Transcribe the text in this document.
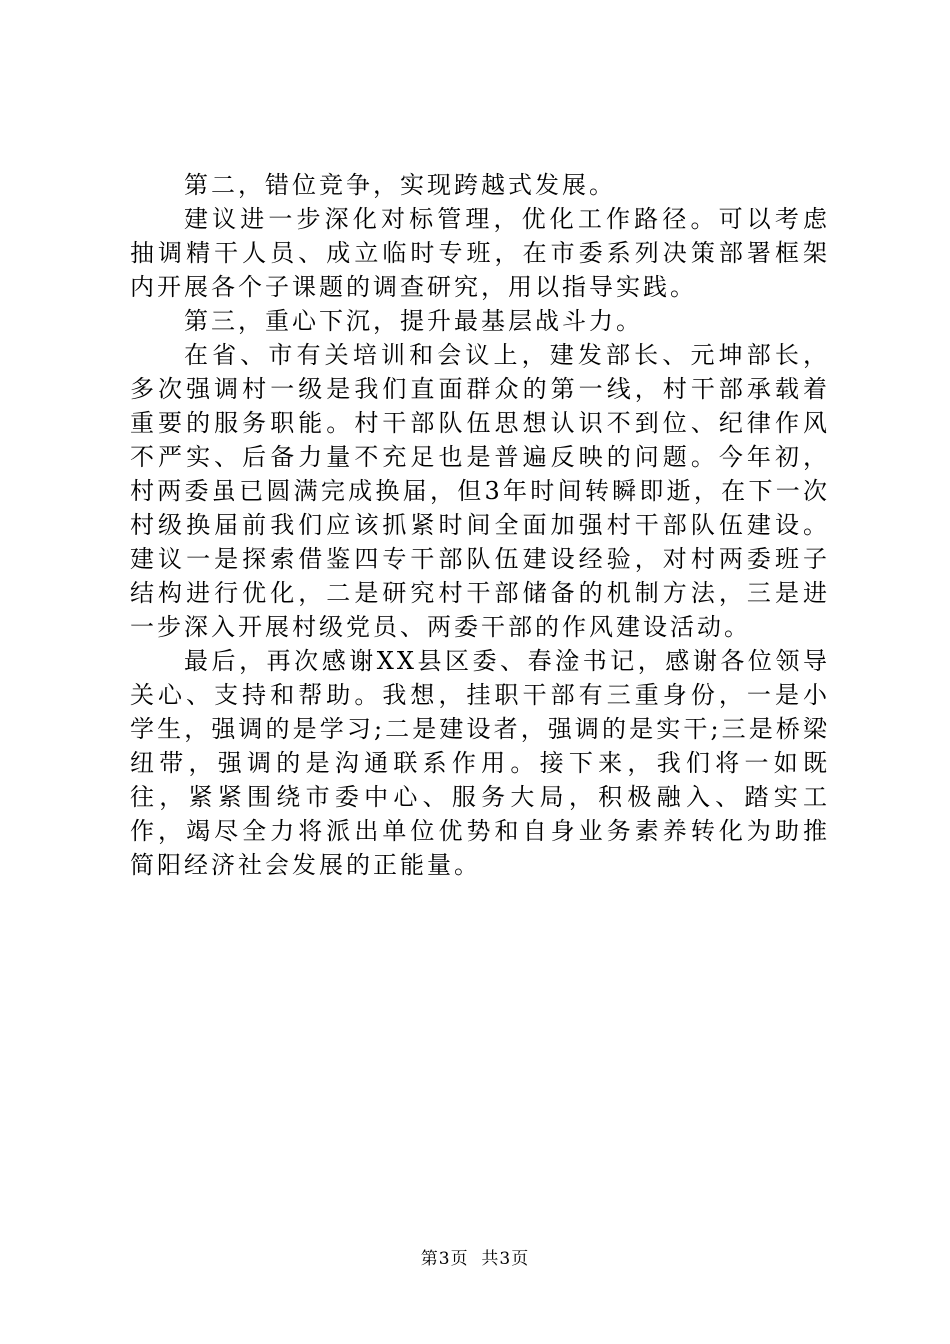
第二，错位竞争，实现跨越式发展。

建议进一步深化对标管理，优化工作路径。可以考虑抽调精干人员、成立临时专班，在市委系列决策部署框架内开展各个子课题的调查研究，用以指导实践。

第三，重心下沉，提升最基层战斗力。

在省、市有关培训和会议上，建发部长、元坤部长，多次强调村一级是我们直面群众的第一线，村干部承载着重要的服务职能。村干部队伍思想认识不到位、纪律作风不严实、后备力量不充足也是普遍反映的问题。今年初，村两委虽已圆满完成换届，但3年时间转瞬即逝，在下一次村级换届前我们应该抓紧时间全面加强村干部队伍建设。建议一是探索借鉴四专干部队伍建设经验，对村两委班子结构进行优化，二是研究村干部储备的机制方法，三是进一步深入开展村级党员、两委干部的作风建设活动。

最后，再次感谢XX县区委、春淦书记，感谢各位领导关心、支持和帮助。我想，挂职干部有三重身份，一是小学生，强调的是学习;二是建设者，强调的是实干;三是桥梁纽带，强调的是沟通联系作用。接下来，我们将一如既往，紧紧围绕市委中心、服务大局，积极融入、踏实工作，竭尽全力将派出单位优势和自身业务素养转化为助推简阳经济社会发展的正能量。

第3页  共3页
